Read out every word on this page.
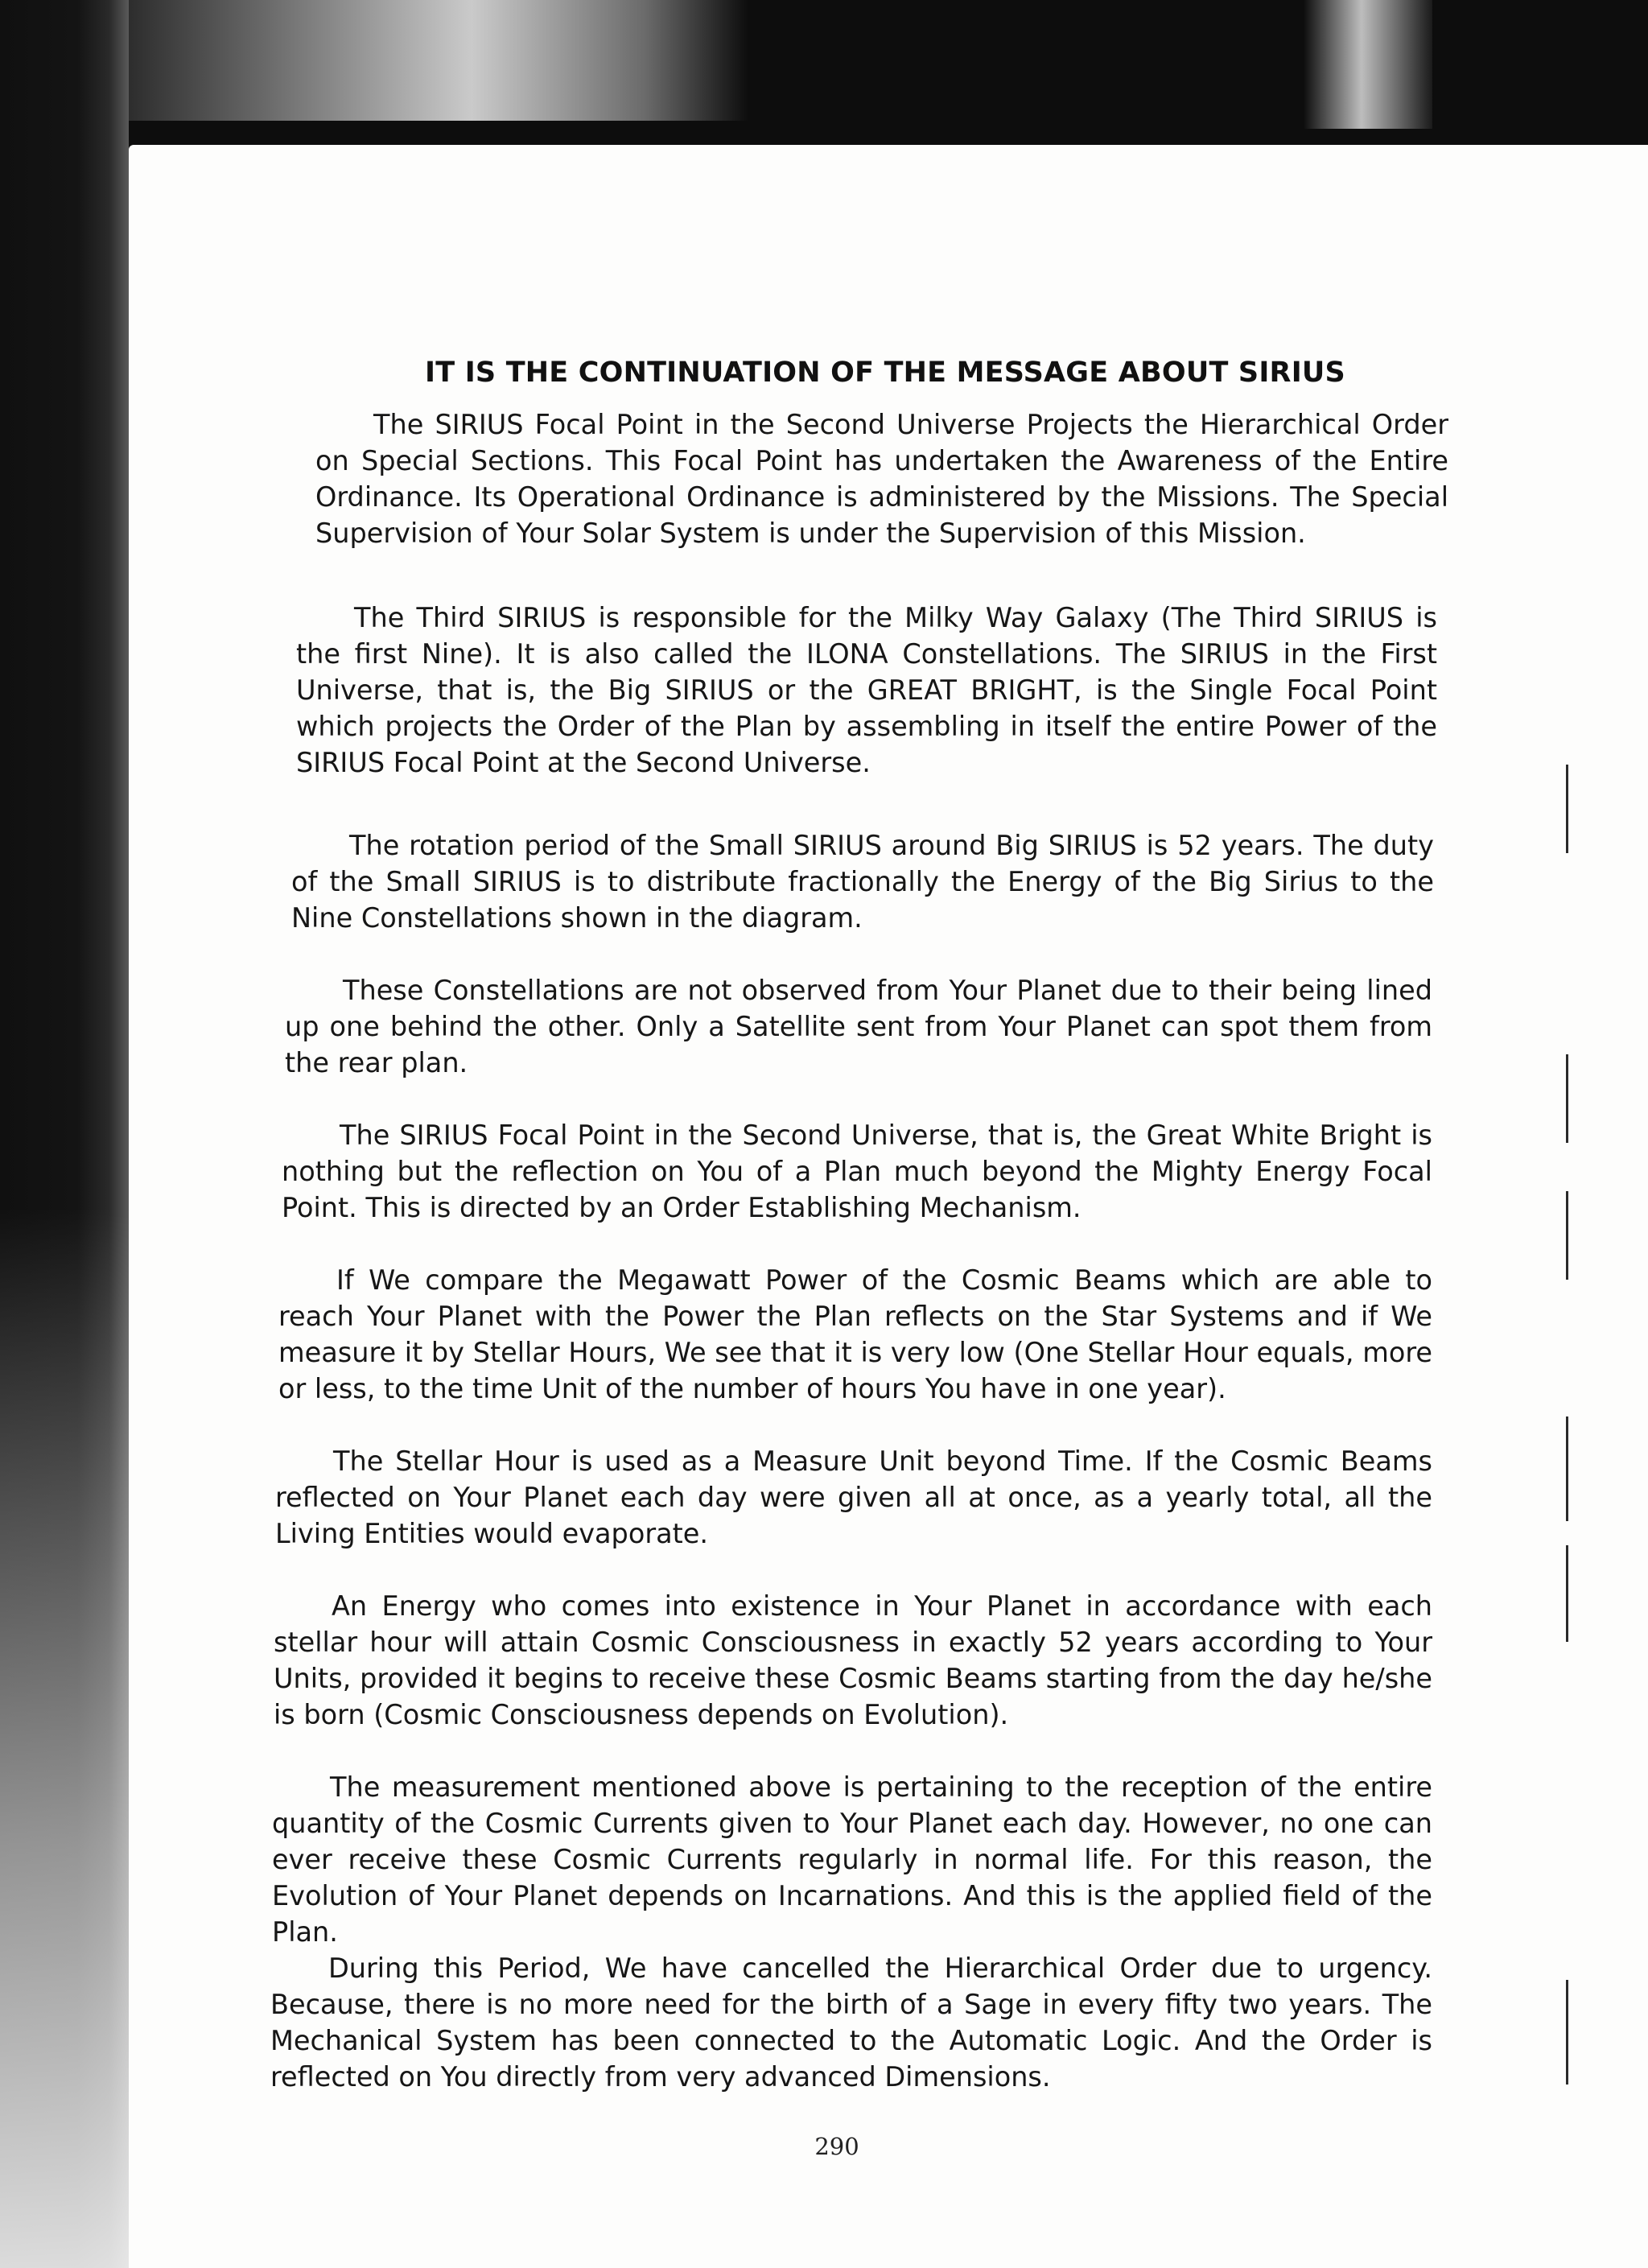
IT IS THE CONTINUATION OF THE MESSAGE ABOUT SIRIUS

The SIRIUS Focal Point in the Second Universe Projects the Hierarchical Order on Special Sections. This Focal Point has undertaken the Awareness of the Entire Ordinance. Its Operational Ordinance is administered by the Missions. The Special Supervision of Your Solar System is under the Supervision of this Mission.

The Third SIRIUS is responsible for the Milky Way Galaxy (The Third SIRIUS is the first Nine). It is also called the ILONA Constellations. The SIRIUS in the First Universe, that is, the Big SIRIUS or the GREAT BRIGHT, is the Single Focal Point which projects the Order of the Plan by assembling in itself the entire Power of the SIRIUS Focal Point at the Second Universe.

The rotation period of the Small SIRIUS around Big SIRIUS is 52 years. The duty of the Small SIRIUS is to distribute fractionally the Energy of the Big Sirius to the Nine Constellations shown in the diagram.

These Constellations are not observed from Your Planet due to their being lined up one behind the other. Only a Satellite sent from Your Planet can spot them from the rear plan.

The SIRIUS Focal Point in the Second Universe, that is, the Great White Bright is nothing but the reflection on You of a Plan much beyond the Mighty Energy Focal Point. This is directed by an Order Establishing Mechanism.

If We compare the Megawatt Power of the Cosmic Beams which are able to reach Your Planet with the Power the Plan reflects on the Star Systems and if We measure it by Stellar Hours, We see that it is very low (One Stellar Hour equals, more or less, to the time Unit of the number of hours You have in one year).

The Stellar Hour is used as a Measure Unit beyond Time. If the Cosmic Beams reflected on Your Planet each day were given all at once, as a yearly total, all the Living Entities would evaporate.

An Energy who comes into existence in Your Planet in accordance with each stellar hour will attain Cosmic Consciousness in exactly 52 years according to Your Units, provided it begins to receive these Cosmic Beams starting from the day he/she is born (Cosmic Consciousness depends on Evolution).

The measurement mentioned above is pertaining to the reception of the entire quantity of the Cosmic Currents given to Your Planet each day. However, no one can ever receive these Cosmic Currents regularly in normal life. For this reason, the Evolution of Your Planet depends on Incarnations. And this is the applied field of the Plan.

During this Period, We have cancelled the Hierarchical Order due to urgency. Because, there is no more need for the birth of a Sage in every fifty two years. The Mechanical System has been connected to the Automatic Logic. And the Order is reflected on You directly from very advanced Dimensions.

290
